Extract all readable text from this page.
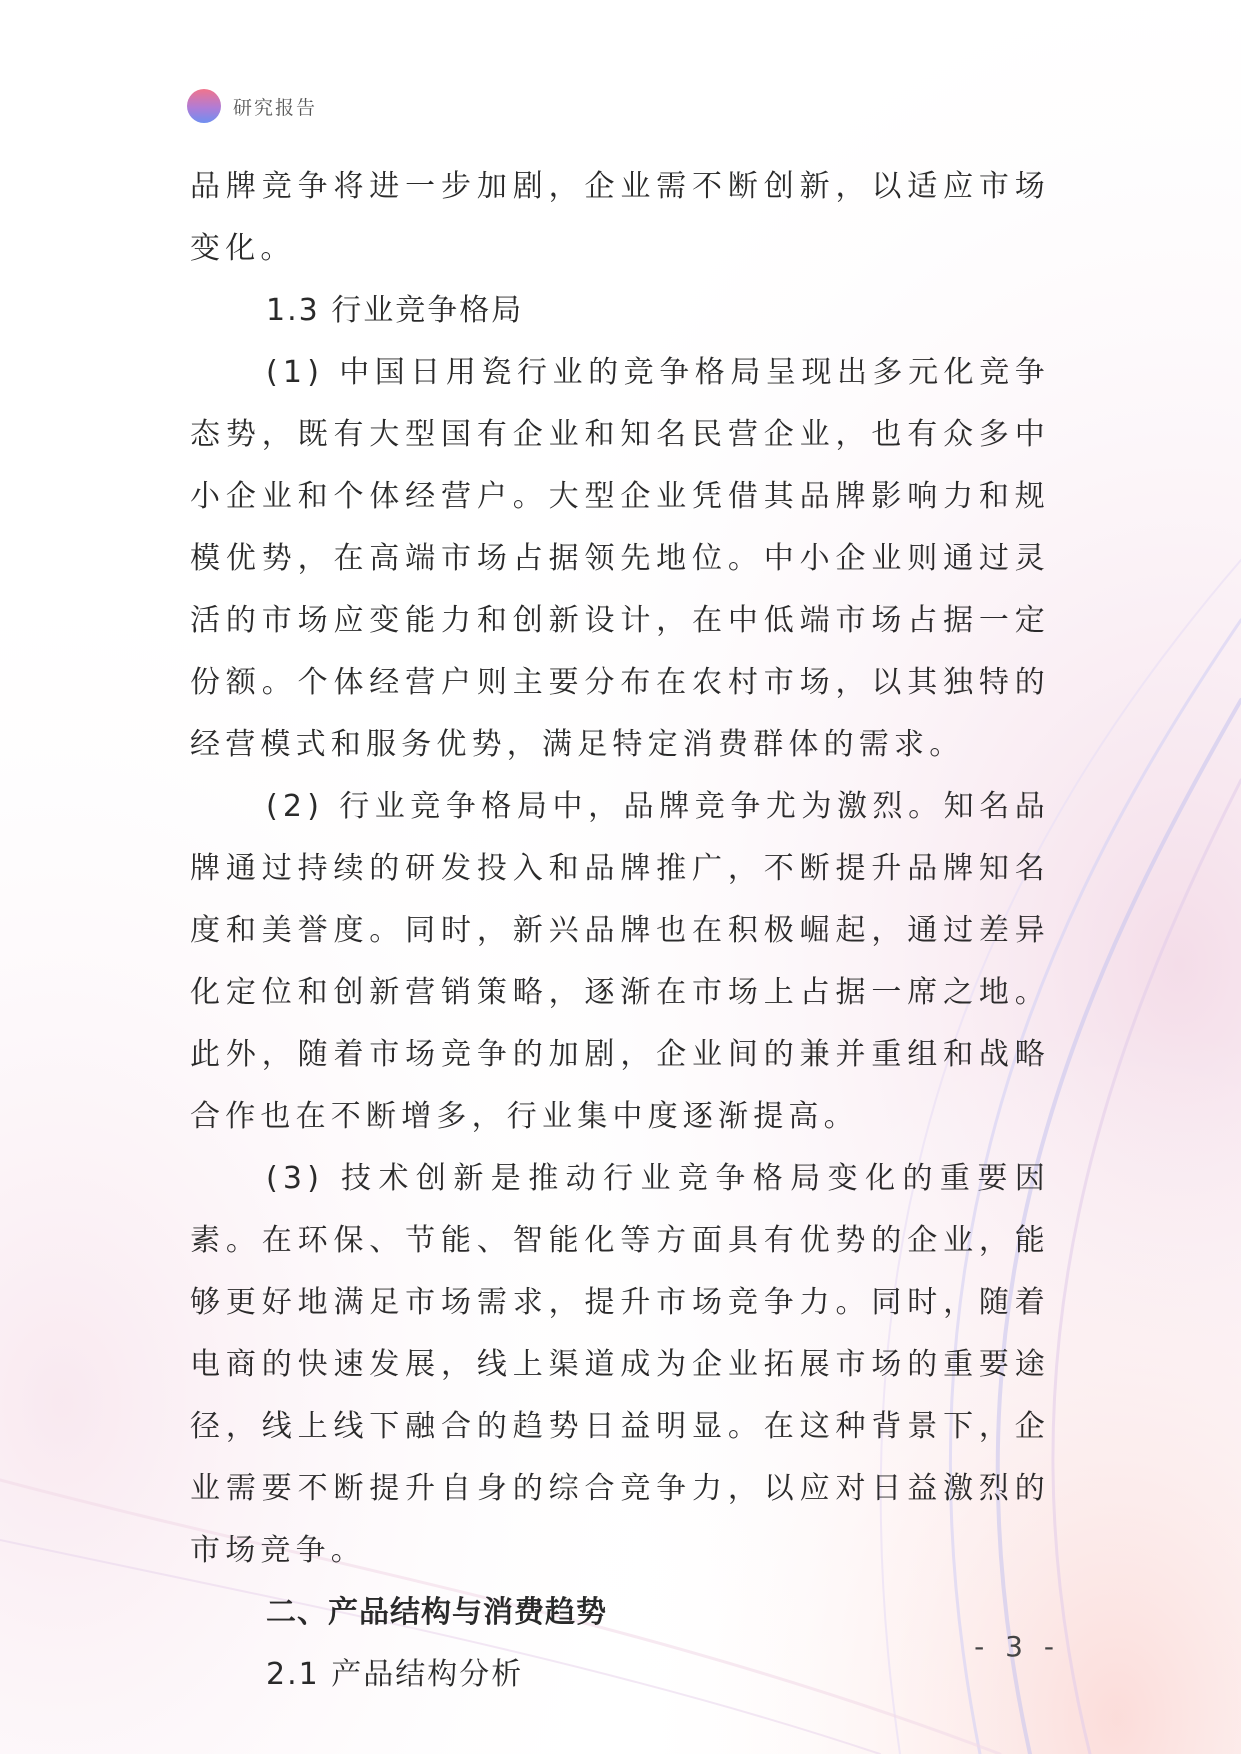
研究报告

品牌竞争将进一步加剧，企业需不断创新，以适应市场变化。

1.3 行业竞争格局

(1) 中国日用瓷行业的竞争格局呈现出多元化竞争态势，既有大型国有企业和知名民营企业，也有众多中小企业和个体经营户。大型企业凭借其品牌影响力和规模优势，在高端市场占据领先地位。中小企业则通过灵活的市场应变能力和创新设计，在中低端市场占据一定份额。个体经营户则主要分布在农村市场，以其独特的经营模式和服务优势，满足特定消费群体的需求。

(2) 行业竞争格局中，品牌竞争尤为激烈。知名品牌通过持续的研发投入和品牌推广，不断提升品牌知名度和美誉度。同时，新兴品牌也在积极崛起，通过差异化定位和创新营销策略，逐渐在市场上占据一席之地。此外，随着市场竞争的加剧，企业间的兼并重组和战略合作也在不断增多，行业集中度逐渐提高。

(3) 技术创新是推动行业竞争格局变化的重要因素。在环保、节能、智能化等方面具有优势的企业，能够更好地满足市场需求，提升市场竞争力。同时，随着电商的快速发展，线上渠道成为企业拓展市场的重要途径，线上线下融合的趋势日益明显。在这种背景下，企业需要不断提升自身的综合竞争力，以应对日益激烈的市场竞争。

二、产品结构与消费趋势

2.1 产品结构分析

- 3 -
